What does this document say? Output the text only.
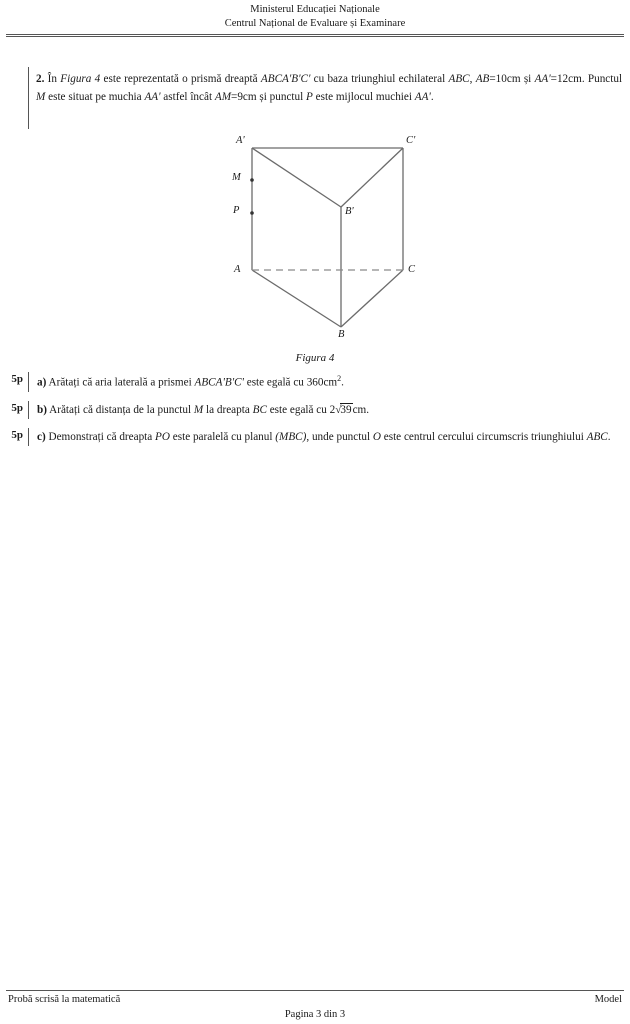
Ministerul Educației Naționale
Centrul Național de Evaluare și Examinare
2. În Figura 4 este reprezentată o prismă dreaptă ABCA'B'C' cu baza triunghiul echilateral ABC, AB=10cm și AA'=12cm. Punctul M este situat pe muchia AA' astfel încât AM=9cm și punctul P este mijlocul muchiei AA'.
A'	C'
B'
M
P
A	C
B
Figura 4
5p	a) Arătați că aria laterală a prismei ABCA'B'C' este egală cu $360cm^2$.
5p	b) Arătați că distanța de la punctul M la dreapta BC este egală cu 2√39cm.
5p	c) Demonstrați că dreapta PO este paralelă cu planul (MBC), unde punctul O este centrul cercului circumscris triunghiului ABC.
Probă scrisă la matematică	Model
Pagina 3 din 3
